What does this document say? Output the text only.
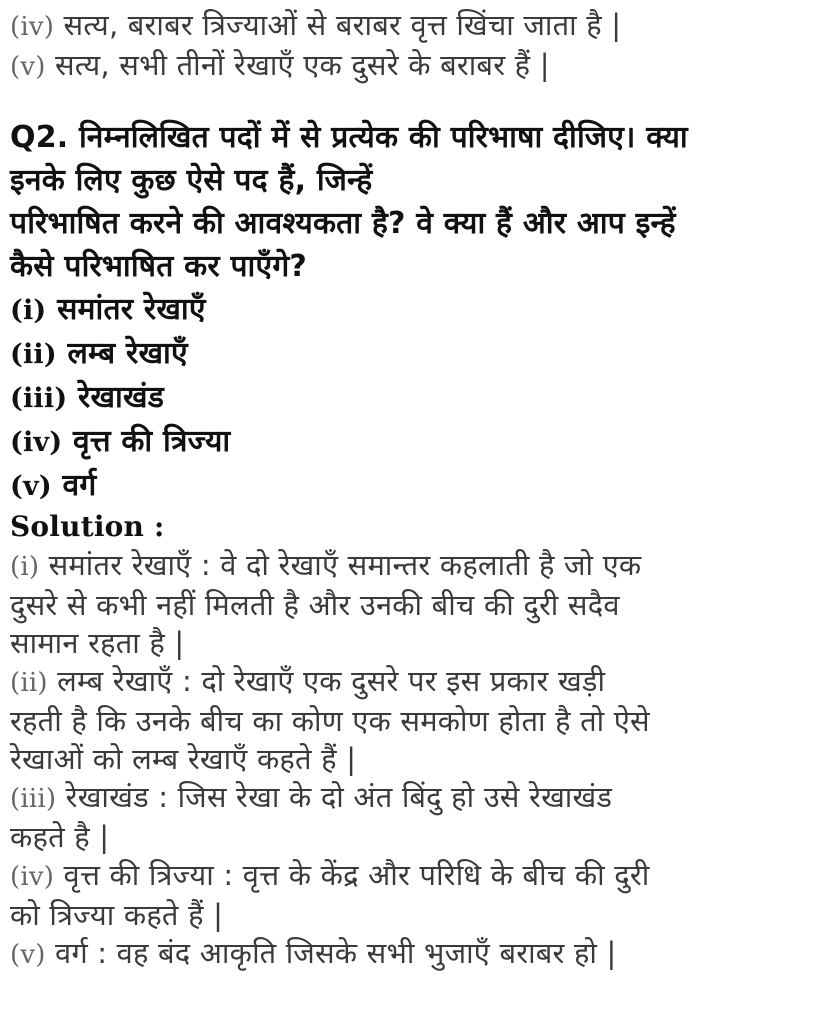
(iv) सत्य, बराबर त्रिज्याओं से बराबर वृत्त खिंचा जाता है |
(v) सत्य, सभी तीनों रेखाएँ एक दुसरे के बराबर हैं |
Q2. निम्नलिखित पदों में से प्रत्येक की परिभाषा दीजिए। क्या
इनके लिए कुछ ऐसे पद हैं, जिन्हें
परिभाषित करने की आवश्यकता है? वे क्या हैं और आप इन्हें
कैसे परिभाषित कर पाएँगे?
(i) समांतर रेखाएँ
(ii) लम्ब रेखाएँ
(iii) रेखाखंड
(iv) वृत्त की त्रिज्या
(v) वर्ग
Solution :
(i) समांतर रेखाएँ : वे दो रेखाएँ समान्तर कहलाती है जो एक
दुसरे से कभी नहीं मिलती है और उनकी बीच की दुरी सदैव
सामान रहता है |
(ii) लम्ब रेखाएँ : दो रेखाएँ एक दुसरे पर इस प्रकार खड़ी
रहती है कि उनके बीच का कोण एक समकोण होता है तो ऐसे
रेखाओं को लम्ब रेखाएँ कहते हैं |
(iii) रेखाखंड : जिस रेखा के दो अंत बिंदु हो उसे रेखाखंड
कहते है |
(iv) वृत्त की त्रिज्या : वृत्त के केंद्र और परिधि के बीच की दुरी
को त्रिज्या कहते हैं |
(v) वर्ग : वह बंद आकृति जिसके सभी भुजाएँ बराबर हो |
